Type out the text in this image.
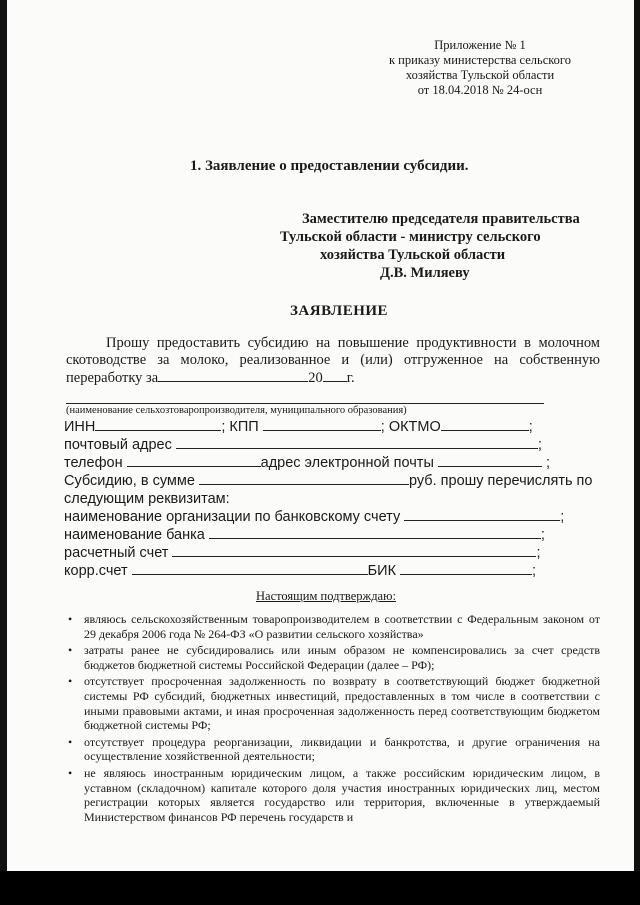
Приложение № 1
к приказу министерства сельского
хозяйства Тульской области
от 18.04.2018 № 24-осн
1. Заявление о предоставлении субсидии.
Заместителю председателя правительства
Тульской области - министру сельского
хозяйства Тульской области
Д.В. Миляеву
ЗАЯВЛЕНИЕ
Прошу предоставить субсидию на повышение продуктивности в молочном скотоводстве за молоко, реализованное и (или) отгруженное на собственную переработку за	20 г.
(наименование сельхозтоваропроизводителя, муниципального образования)
ИНН	; КПП	; ОКТМО	;
почтовый адрес	;
телефон	адрес электронной почты	;
Субсидию, в сумме	руб. прошу перечислять по
следующим реквизитам:
наименование организации по банковскому счету	;
наименование банка	;
расчетный счет	;
корр.счет	БИК	;
Настоящим подтверждаю:
• являюсь сельскохозяйственным товаропроизводителем в соответствии с Федеральным законом от 29 декабря 2006 года № 264-ФЗ «О развитии сельского хозяйства»
• затраты ранее не субсидировались или иным образом не компенсировались за счет средств бюджетов бюджетной системы Российской Федерации (далее – РФ);
• отсутствует просроченная задолженность по возврату в соответствующий бюджет бюджетной системы РФ субсидий, бюджетных инвестиций, предоставленных в том числе в соответствии с иными правовыми актами, и иная просроченная задолженность перед соответствующим бюджетом бюджетной системы РФ;
• отсутствует процедура реорганизации, ликвидации и банкротства, и другие ограничения на осуществление хозяйственной деятельности;
• не являюсь иностранным юридическим лицом, а также российским юридическим лицом, в уставном (складочном) капитале которого доля участия иностранных юридических лиц, местом регистрации которых является государство или территория, включенные в утверждаемый Министерством финансов РФ перечень государств и
